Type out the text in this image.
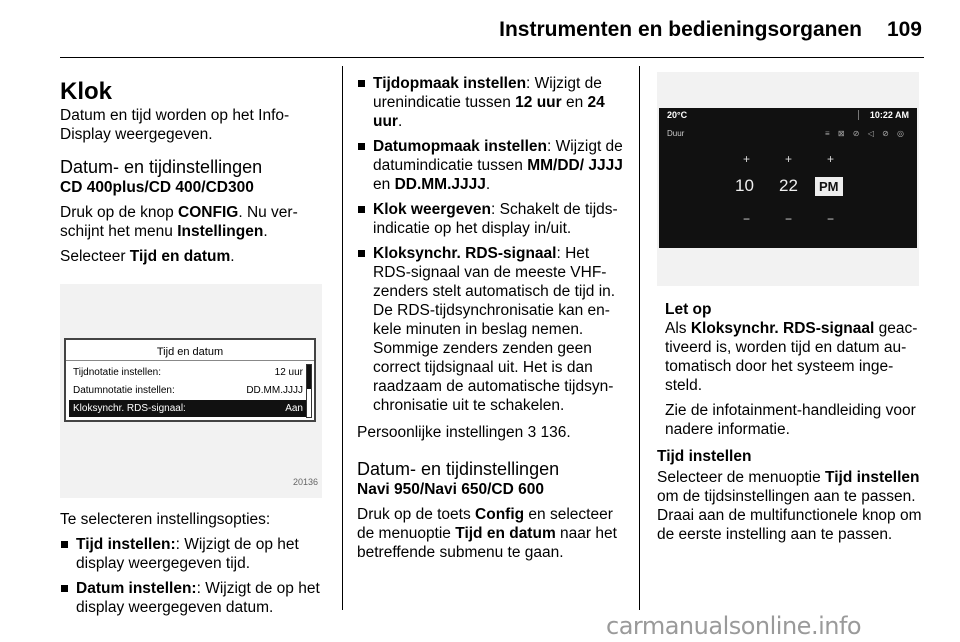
Instrumenten en bedieningsorganen 109
Klok
Datum en tijd worden op het Info-Display weergegeven.
Datum- en tijdinstellingen
CD 400plus/CD 400/CD300

Druk op de knop CONFIG. Nu verschijnt het menu Instellingen.

Selecteer Tijd en datum.

Tijd en datum
Tijdnotatie instellen:	12 uur
Datumnotatie instellen:	DD.MM.JJJJ
Kloksynchr. RDS-signaal:	Aan
20136

Te selecteren instellingsopties:

Tijd instellen:: Wijzigt de op het display weergegeven tijd.
Datum instellen:: Wijzigt de op het display weergegeven datum.
Tijdopmaak instellen: Wijzigt de urenindicatie tussen 12 uur en 24 uur.
Datumopmaak instellen: Wijzigt de datumindicatie tussen MM/DD/ JJJJ en DD.MM.JJJJ.
Klok weergeven: Schakelt de tijdsindicatie op het display in/uit.
Kloksynchr. RDS-signaal: Het RDS-signaal van de meeste VHF-zenders stelt automatisch de tijd in. De RDS-tijdsynchronisatie kan enkele minuten in beslag nemen. Sommige zenders zenden geen correct tijdsignaal uit. Het is dan raadzaam de automatische tijdsynchronisatie uit te schakelen.

Persoonlijke instellingen 3 136.

Datum- en tijdinstellingen
Navi 950/Navi 650/CD 600

Druk op de toets Config en selecteer de menuoptie Tijd en datum naar het betreffende submenu te gaan.

20°C	10:22 AM
Duur	≡ ⊠ ⊘ ◁ ⊘ ◎
+	+	+
10 22	PM
−	−	−
Let op

Als Kloksynchr. RDS-signaal geactiveerd is, worden tijd en datum automatisch door het systeem ingesteld.

Zie de infotainment-handleiding voor nadere informatie.

Tijd instellen

Selecteer de menuoptie Tijd instellen om de tijdsinstellingen aan te passen. Draai aan de multifunctionele knop om de eerste instelling aan te passen.

carmanualsonline.info
